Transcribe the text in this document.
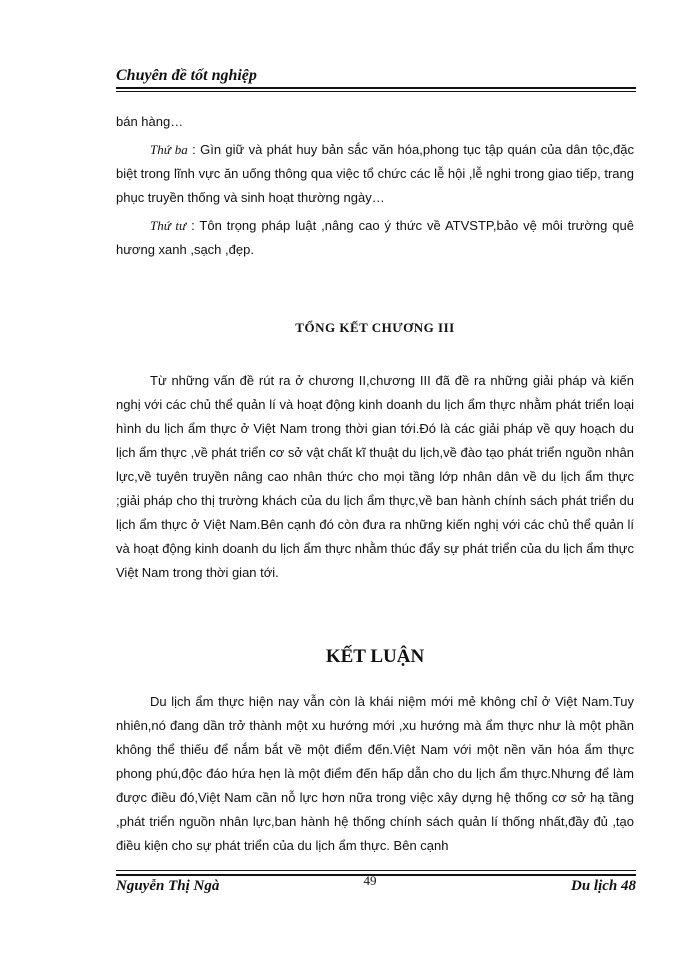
Chuyên đề tốt nghiệp

bán hàng…

Thứ ba : Gìn giữ và phát huy bản sắc văn hóa,phong tục tập quán của dân tộc,đặc biệt trong lĩnh vực ăn uống thông qua việc tổ chức các lễ hội ,lễ nghi trong giao tiếp, trang phục truyền thống và sinh hoạt thường ngày…

Thứ tư : Tôn trọng pháp luật ,nâng cao ý thức về ATVSTP,bảo vệ môi trường quê hương xanh ,sạch ,đẹp.

TỔNG KẾT CHƯƠNG III

Từ những vấn đề rút ra ở chương II,chương III đã đề ra những giải pháp và kiến nghị với các chủ thể quản lí và hoạt động kinh doanh du lịch ẩm thực nhằm phát triển loại hình du lịch ẩm thực ở Việt Nam trong thời gian tới.Đó là các giải pháp về quy hoạch du lịch ẩm thực ,về phát triển cơ sở vật chất kĩ thuật du lịch,về đào tạo phát triển nguồn nhân lực,về tuyên truyền nâng cao nhân thức cho mọi tầng lớp nhân dân về du lịch ẩm thực ;giải pháp cho thị trường khách của du lịch ẩm thực,về ban hành chính sách phát triển du lịch ẩm thực ở Việt Nam.Bên cạnh đó còn đưa ra những kiến nghị với các chủ thể quản lí và hoạt động kinh doanh du lịch ẩm thực nhằm thúc đẩy sự phát triển của du lịch ẩm thực Việt Nam trong thời gian tới.

KẾT LUẬN

Du lịch ẩm thực hiện nay vẫn còn là khái niệm mới mẻ không chỉ ở Việt Nam.Tuy nhiên,nó đang dần trở thành một xu hướng mới ,xu hướng mà ẩm thực như là một phần không thể thiếu để nắm bắt về một điểm đến.Việt Nam với một nền văn hóa ẩm thực phong phú,độc đáo hứa hẹn là một điểm đến hấp dẫn cho du lịch ẩm thực.Nhưng để làm được điều đó,Việt Nam cần nỗ lực hơn nữa trong việc xây dựng hệ thống cơ sở hạ tầng ,phát triển nguồn nhân lực,ban hành hệ thống chính sách quản lí thống nhất,đầy đủ ,tạo điều kiện cho sự phát triển của du lịch ẩm thực. Bên cạnh

Nguyễn Thị Ngà	49	Du lịch 48
